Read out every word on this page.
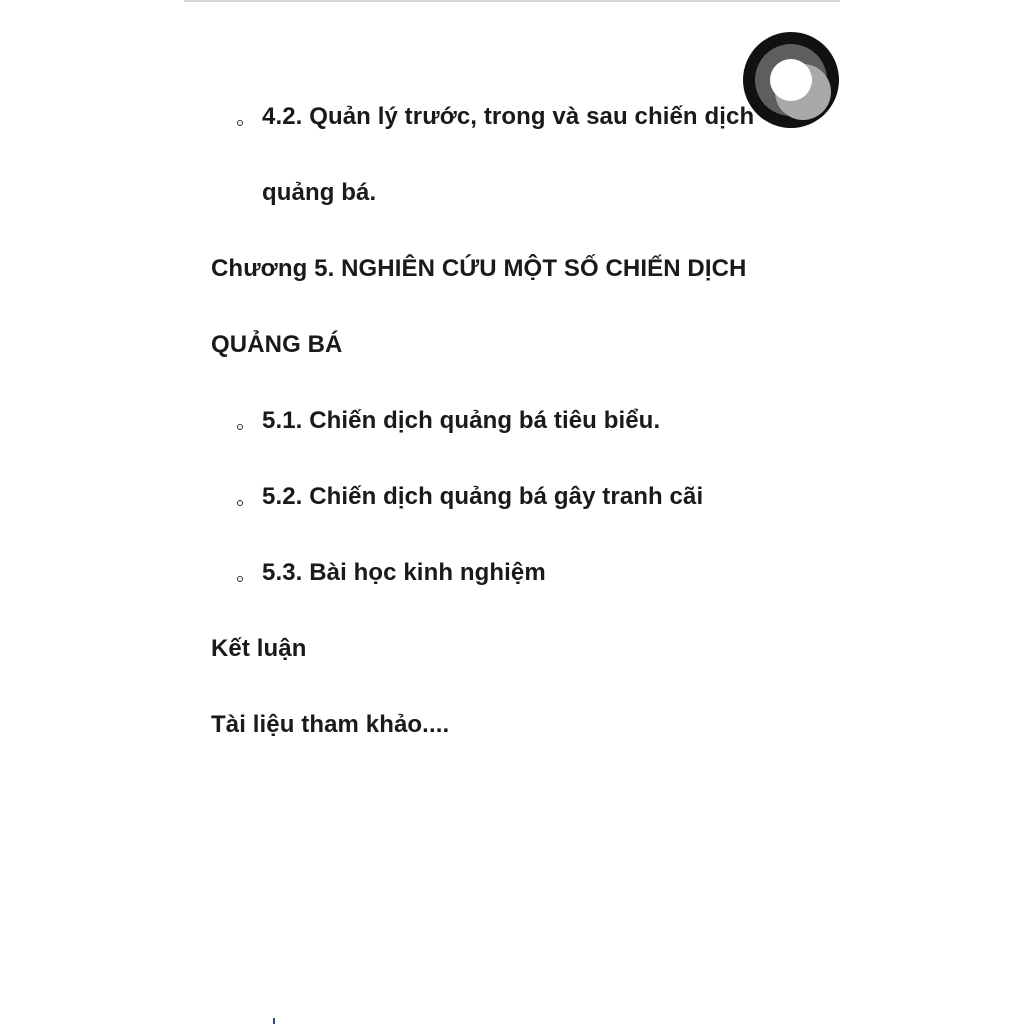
4.2. Quản lý trước, trong và sau chiến dịch
quảng bá.
Chương 5. NGHIÊN CỨU MỘT SỐ CHIẾN DỊCH
QUẢNG BÁ
5.1. Chiến dịch quảng bá tiêu biểu.
5.2. Chiến dịch quảng bá gây tranh cãi
5.3. Bài học kinh nghiệm
Kết luận
Tài liệu tham khảo....
